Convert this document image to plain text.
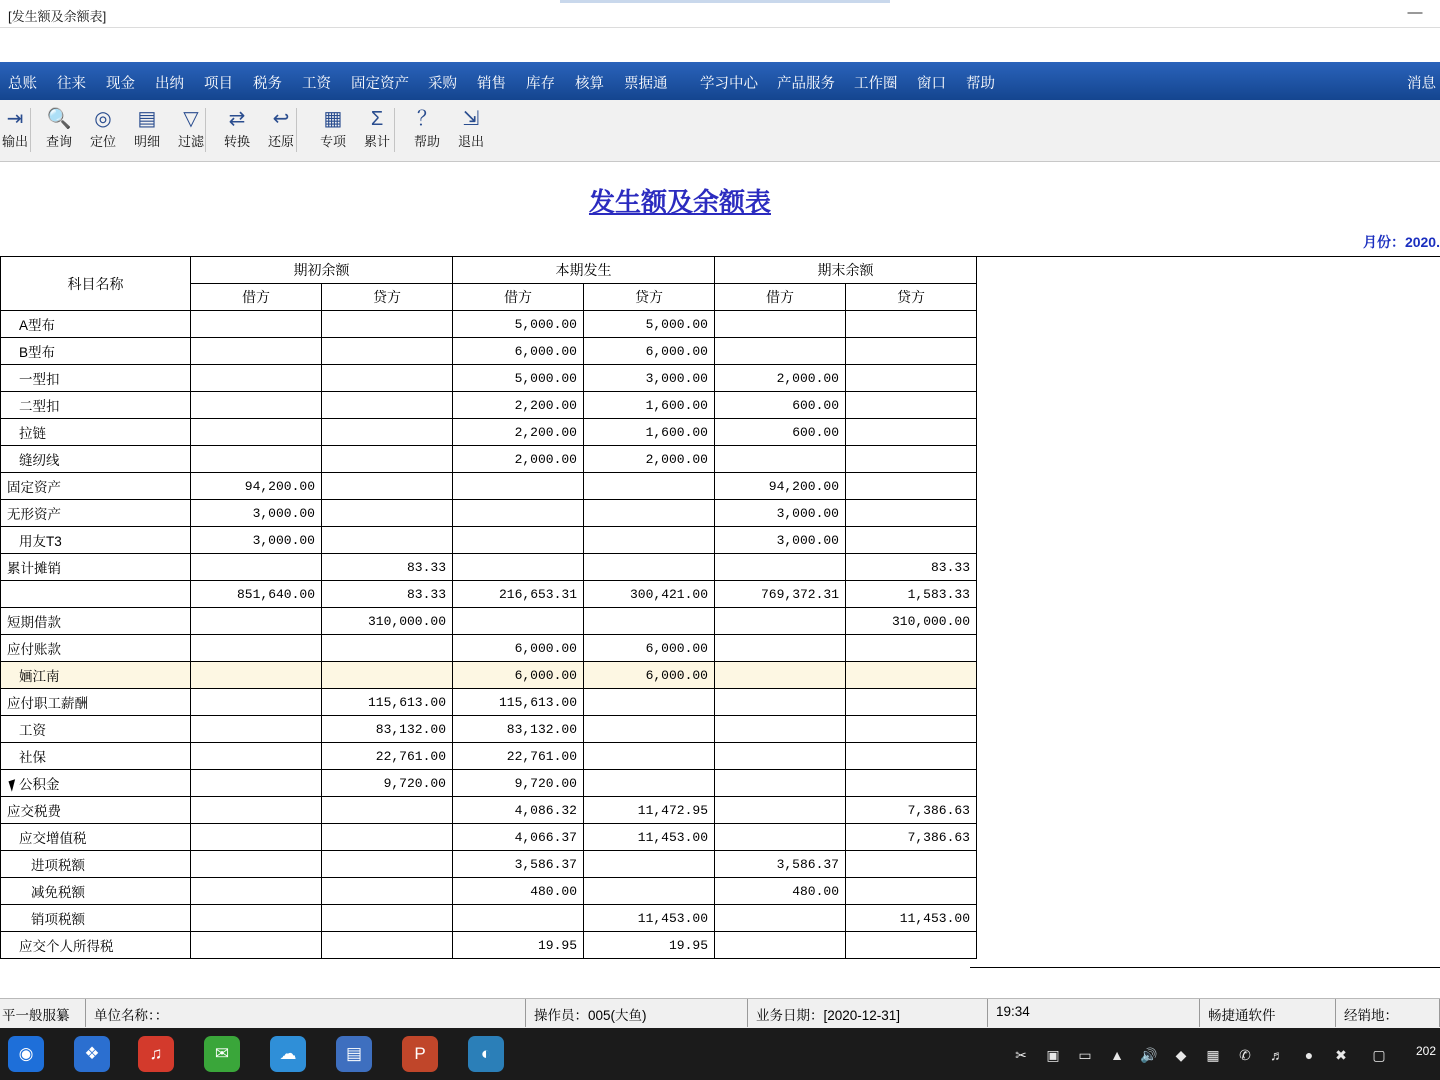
[发生额及余额表]	—
消息
总账 往来 现金 出纳 项目 税务 工资 固定资产 采购 销售 库存 核算 票据通 学习中心 产品服务 工作圈 窗口 帮助
⇥
输出
🔍
查询
◎
定位
▤
明细
▽
过滤
⇄
转换
↩
还原
▦
专项
Σ
累计
？
帮助
⇲
退出
发生额及余额表
月份：2020.
科目名称	期初余额		本期发生		期末余额	
	借方	贷方	借方	贷方	借方	贷方
A型布			5,000.00	5,000.00		
B型布			6,000.00	6,000.00		
一型扣			5,000.00	3,000.00	2,000.00	
二型扣			2,200.00	1,600.00	600.00	
拉链			2,200.00	1,600.00	600.00	
缝纫线			2,000.00	2,000.00		
固定资产	94,200.00				94,200.00	
无形资产	3,000.00				3,000.00	
用友T3	3,000.00				3,000.00	
累计摊销		83.33				83.33
	851,640.00	83.33	216,653.31	300,421.00	769,372.31	1,583.33
短期借款		310,000.00				310,000.00
应付账款			6,000.00	6,000.00		
婳江南			6,000.00	6,000.00		
应付职工薪酬		115,613.00	115,613.00			
工资		83,132.00	83,132.00			
社保		22,761.00	22,761.00			
公积金		9,720.00	9,720.00			
应交税费			4,086.32	11,472.95		7,386.63
应交增值税			4,066.37	11,453.00		7,386.63
进项税额			3,586.37		3,586.37	
减免税额			480.00		480.00	
销项税额				11,453.00		11,453.00
应交个人所得税			19.95	19.95		
平一般服纂	单位名称：：	操作员：005(大鱼)	业务日期：[2020-12-31]	19:34	畅捷通软件	经销地：
202
◉	❖	♫	✉	☁	▤	P	◐	✂	▣	▭	▲ 🔊	◆	▦	✆	♬	●	✖	▢
